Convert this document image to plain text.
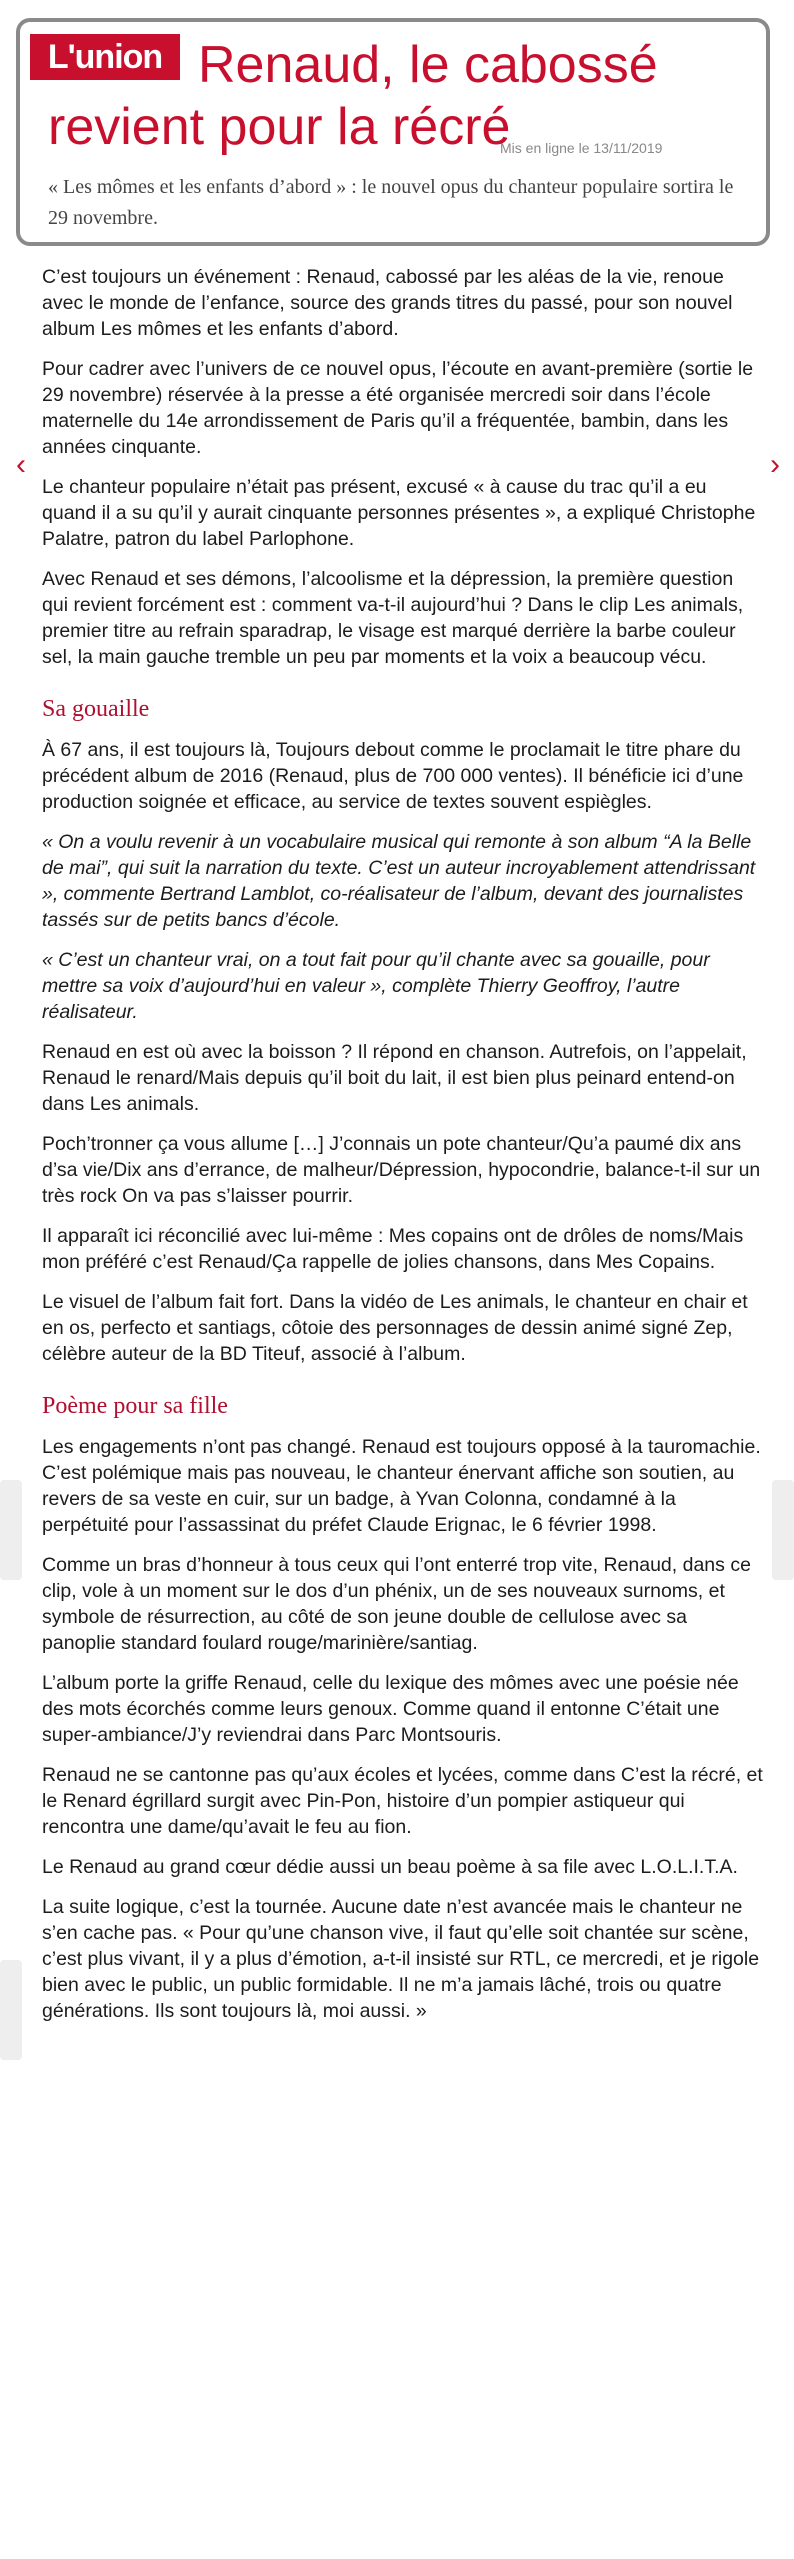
L'union Renaud, le cabossé revient pour la récré
Mis en ligne le 13/11/2019

« Les mômes et les enfants d’abord » : le nouvel opus du chanteur populaire sortira le 29 novembre.

‹	›

C’est toujours un événement : Renaud, cabossé par les aléas de la vie, renoue avec le monde de l’enfance, source des grands titres du passé, pour son nouvel album Les mômes et les enfants d’abord.

Pour cadrer avec l’univers de ce nouvel opus, l’écoute en avant-première (sortie le 29 novembre) réservée à la presse a été organisée mercredi soir dans l’école maternelle du 14e arrondissement de Paris qu’il a fréquentée, bambin, dans les années cinquante.

Le chanteur populaire n’était pas présent, excusé « à cause du trac qu’il a eu quand il a su qu’il y aurait cinquante personnes présentes », a expliqué Christophe Palatre, patron du label Parlophone.

Avec Renaud et ses démons, l’alcoolisme et la dépression, la première question qui revient forcément est : comment va-t-il aujourd’hui ? Dans le clip Les animals, premier titre au refrain sparadrap, le visage est marqué derrière la barbe couleur sel, la main gauche tremble un peu par moments et la voix a beaucoup vécu.

Sa gouaille

À 67 ans, il est toujours là, Toujours debout comme le proclamait le titre phare du précédent album de 2016 (Renaud, plus de 700 000 ventes). Il bénéficie ici d’une production soignée et efficace, au service de textes souvent espiègles.

« On a voulu revenir à un vocabulaire musical qui remonte à son album “A la Belle de mai”, qui suit la narration du texte. C’est un auteur incroyablement attendrissant », commente Bertrand Lamblot, co-réalisateur de l’album, devant des journalistes tassés sur de petits bancs d’école.

« C’est un chanteur vrai, on a tout fait pour qu’il chante avec sa gouaille, pour mettre sa voix d’aujourd’hui en valeur », complète Thierry Geoffroy, l’autre réalisateur.

Renaud en est où avec la boisson ? Il répond en chanson. Autrefois, on l’appelait, Renaud le renard/Mais depuis qu’il boit du lait, il est bien plus peinard entend-on dans Les animals.

Poch’tronner ça vous allume […] J’connais un pote chanteur/Qu’a paumé dix ans d’sa vie/Dix ans d’errance, de malheur/Dépression, hypocondrie, balance-t-il sur un très rock On va pas s’laisser pourrir.

Il apparaît ici réconcilié avec lui-même : Mes copains ont de drôles de noms/Mais mon préféré c’est Renaud/Ça rappelle de jolies chansons, dans Mes Copains.

Le visuel de l’album fait fort. Dans la vidéo de Les animals, le chanteur en chair et en os, perfecto et santiags, côtoie des personnages de dessin animé signé Zep, célèbre auteur de la BD Titeuf, associé à l’album.

Poème pour sa fille

Les engagements n’ont pas changé. Renaud est toujours opposé à la tauromachie. C’est polémique mais pas nouveau, le chanteur énervant affiche son soutien, au revers de sa veste en cuir, sur un badge, à Yvan Colonna, condamné à la perpétuité pour l’assassinat du préfet Claude Erignac, le 6 février 1998.

Comme un bras d’honneur à tous ceux qui l’ont enterré trop vite, Renaud, dans ce clip, vole à un moment sur le dos d’un phénix, un de ses nouveaux surnoms, et symbole de résurrection, au côté de son jeune double de cellulose avec sa panoplie standard foulard rouge/marinière/santiag.

L’album porte la griffe Renaud, celle du lexique des mômes avec une poésie née des mots écorchés comme leurs genoux. Comme quand il entonne C’était une super-ambiance/J’y reviendrai dans Parc Montsouris.

Renaud ne se cantonne pas qu’aux écoles et lycées, comme dans C’est la récré, et le Renard égrillard surgit avec Pin-Pon, histoire d’un pompier astiqueur qui rencontra une dame/qu’avait le feu au fion.

Le Renaud au grand cœur dédie aussi un beau poème à sa file avec L.O.L.I.T.A.

La suite logique, c’est la tournée. Aucune date n’est avancée mais le chanteur ne s’en cache pas. « Pour qu’une chanson vive, il faut qu’elle soit chantée sur scène, c’est plus vivant, il y a plus d’émotion, a-t-il insisté sur RTL, ce mercredi, et je rigole bien avec le public, un public formidable. Il ne m’a jamais lâché, trois ou quatre générations. Ils sont toujours là, moi aussi. »
